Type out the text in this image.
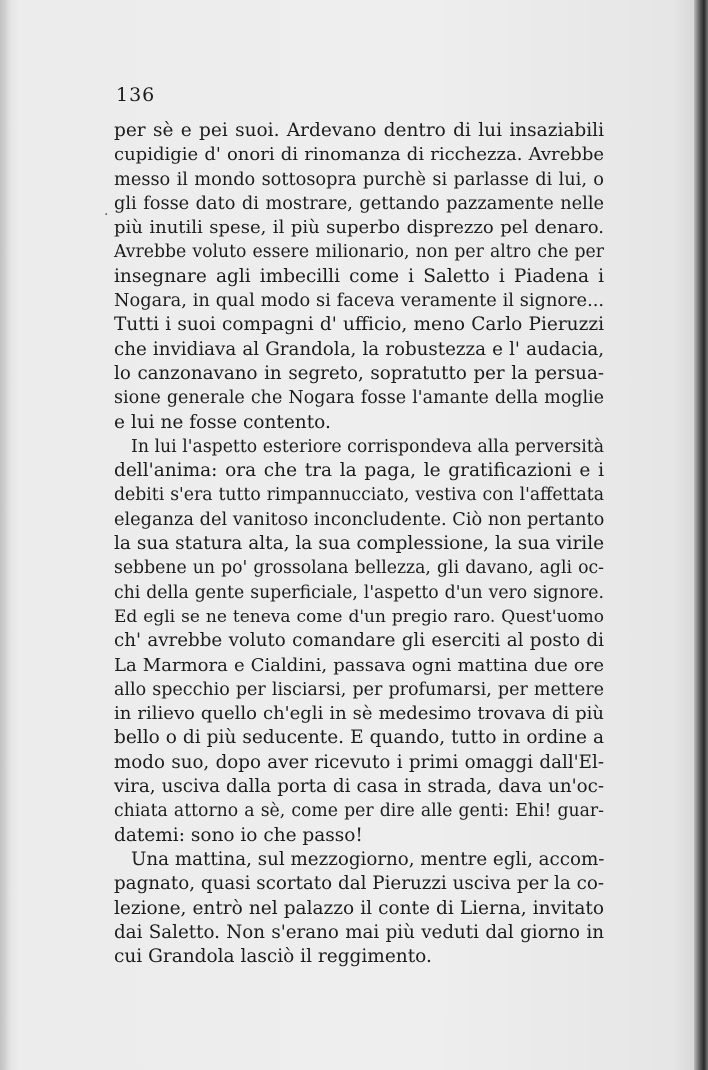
136
·
per sè e pei suoi. Ardevano dentro di lui insaziabili
cupidigie d' onori di rinomanza di ricchezza. Avrebbe
messo il mondo sottosopra purchè si parlasse di lui, o
gli fosse dato di mostrare, gettando pazzamente nelle
più inutili spese, il più superbo disprezzo pel denaro.
Avrebbe voluto essere milionario, non per altro che per
insegnare agli imbecilli come i Saletto i Piadena i
Nogara, in qual modo si faceva veramente il signore...
Tutti i suoi compagni d' ufficio, meno Carlo Pieruzzi
che invidiava al Grandola, la robustezza e l' audacia,
lo canzonavano in segreto, sopratutto per la persua-
sione generale che Nogara fosse l'amante della moglie
e lui ne fosse contento.
In lui l'aspetto esteriore corrispondeva alla perversità
dell'anima: ora che tra la paga, le gratificazioni e i
debiti s'era tutto rimpannucciato, vestiva con l'affettata
eleganza del vanitoso inconcludente. Ciò non pertanto
la sua statura alta, la sua complessione, la sua virile
sebbene un po' grossolana bellezza, gli davano, agli oc-
chi della gente superficiale, l'aspetto d'un vero signore.
Ed egli se ne teneva come d'un pregio raro. Quest'uomo
ch' avrebbe voluto comandare gli eserciti al posto di
La Marmora e Cialdini, passava ogni mattina due ore
allo specchio per lisciarsi, per profumarsi, per mettere
in rilievo quello ch'egli in sè medesimo trovava di più
bello o di più seducente. E quando, tutto in ordine a
modo suo, dopo aver ricevuto i primi omaggi dall'El-
vira, usciva dalla porta di casa in strada, dava un'oc-
chiata attorno a sè, come per dire alle genti: Ehi! guar-
datemi: sono io che passo!
Una mattina, sul mezzogiorno, mentre egli, accom-
pagnato, quasi scortato dal Pieruzzi usciva per la co-
lezione, entrò nel palazzo il conte di Lierna, invitato
dai Saletto. Non s'erano mai più veduti dal giorno in
cui Grandola lasciò il reggimento.
